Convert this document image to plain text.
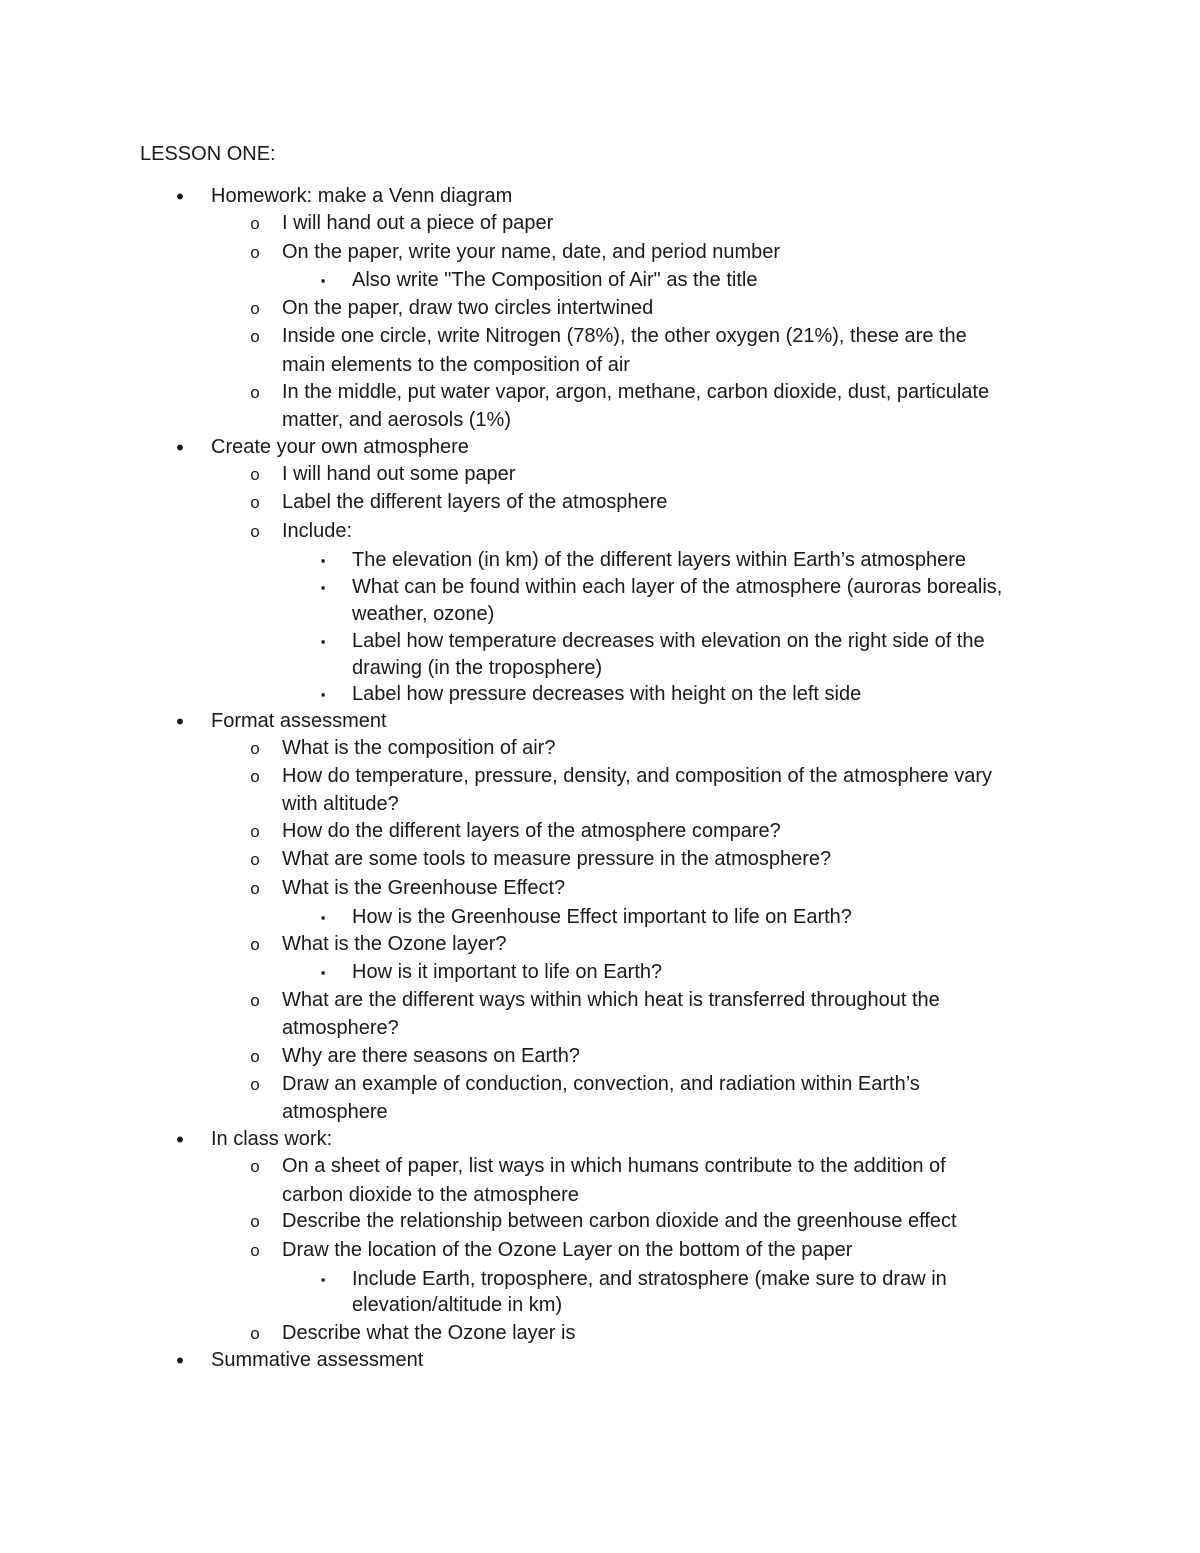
LESSON ONE:
•	Homework: make a Venn diagram
o I will hand out a piece of paper
o On the paper, write your name, date, and period number
▪	Also write "The Composition of Air" as the title
o On the paper, draw two circles intertwined
o Inside one circle, write Nitrogen (78%), the other oxygen (21%), these are the
main elements to the composition of air
o In the middle, put water vapor, argon, methane, carbon dioxide, dust, particulate
matter, and aerosols (1%)
•	Create your own atmosphere
o I will hand out some paper
o Label the different layers of the atmosphere
o Include:
▪	The elevation (in km) of the different layers within Earth’s atmosphere
▪	What can be found within each layer of the atmosphere (auroras borealis,
weather, ozone)
▪	Label how temperature decreases with elevation on the right side of the
drawing (in the troposphere)
▪	Label how pressure decreases with height on the left side
•	Format assessment
o What is the composition of air?
o How do temperature, pressure, density, and composition of the atmosphere vary
with altitude?
o How do the different layers of the atmosphere compare?
o What are some tools to measure pressure in the atmosphere?
o What is the Greenhouse Effect?
▪	How is the Greenhouse Effect important to life on Earth?
o What is the Ozone layer?
▪	How is it important to life on Earth?
o What are the different ways within which heat is transferred throughout the
atmosphere?
o Why are there seasons on Earth?
o Draw an example of conduction, convection, and radiation within Earth’s
atmosphere
•	In class work:
o On a sheet of paper, list ways in which humans contribute to the addition of
carbon dioxide to the atmosphere
o Describe the relationship between carbon dioxide and the greenhouse effect
o Draw the location of the Ozone Layer on the bottom of the paper
▪	Include Earth, troposphere, and stratosphere (make sure to draw in
elevation/altitude in km)
o Describe what the Ozone layer is
•	Summative assessment
